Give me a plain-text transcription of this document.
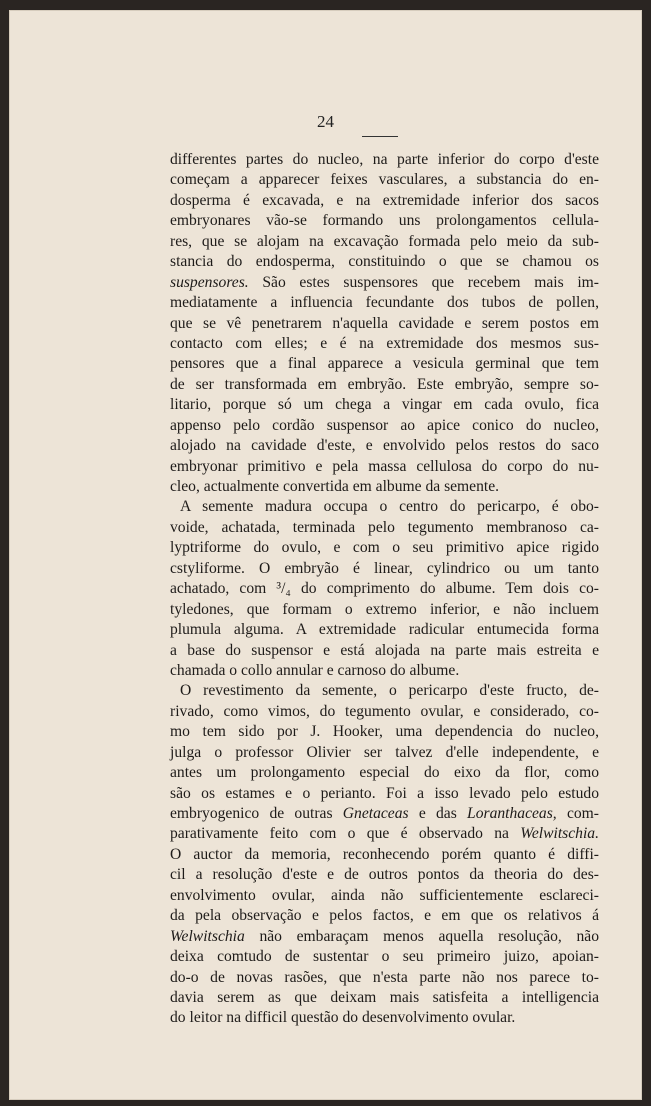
24
differentes partes do nucleo, na parte inferior do corpo d'este
começam a apparecer feixes vasculares, a substancia do en-
dosperma é excavada, e na extremidade inferior dos sacos
embryonares vão-se formando uns prolongamentos cellula-
res, que se alojam na excavação formada pelo meio da sub-
stancia do endosperma, constituindo o que se chamou os
suspensores. São estes suspensores que recebem mais im-
mediatamente a influencia fecundante dos tubos de pollen,
que se vê penetrarem n'aquella cavidade e serem postos em
contacto com elles; e é na extremidade dos mesmos sus-
pensores que a final apparece a vesicula germinal que tem
de ser transformada em embryão. Este embryão, sempre so-
litario, porque só um chega a vingar em cada ovulo, fica
appenso pelo cordão suspensor ao apice conico do nucleo,
alojado na cavidade d'este, e envolvido pelos restos do saco
embryonar primitivo e pela massa cellulosa do corpo do nu-
cleo, actualmente convertida em albume da semente.
A semente madura occupa o centro do pericarpo, é obo-
voide, achatada, terminada pelo tegumento membranoso ca-
lyptriforme do ovulo, e com o seu primitivo apice rigido
cstyliforme. O embryão é linear, cylindrico ou um tanto
achatado, com ³/₄ do comprimento do albume. Tem dois co-
tyledones, que formam o extremo inferior, e não incluem
plumula alguma. A extremidade radicular entumecida forma
a base do suspensor e está alojada na parte mais estreita e
chamada o collo annular e carnoso do albume.
O revestimento da semente, o pericarpo d'este fructo, de-
rivado, como vimos, do tegumento ovular, e considerado, co-
mo tem sido por J. Hooker, uma dependencia do nucleo,
julga o professor Olivier ser talvez d'elle independente, e
antes um prolongamento especial do eixo da flor, como
são os estames e o perianto. Foi a isso levado pelo estudo
embryogenico de outras Gnetaceas e das Loranthaceas, com-
parativamente feito com o que é observado na Welwitschia.
O auctor da memoria, reconhecendo porém quanto é diffi-
cil a resolução d'este e de outros pontos da theoria do des-
envolvimento ovular, ainda não sufficientemente esclareci-
da pela observação e pelos factos, e em que os relativos á
Welwitschia não embaraçam menos aquella resolução, não
deixa comtudo de sustentar o seu primeiro juizo, apoian-
do-o de novas rasões, que n'esta parte não nos parece to-
davia serem as que deixam mais satisfeita a intelligencia
do leitor na difficil questão do desenvolvimento ovular.
